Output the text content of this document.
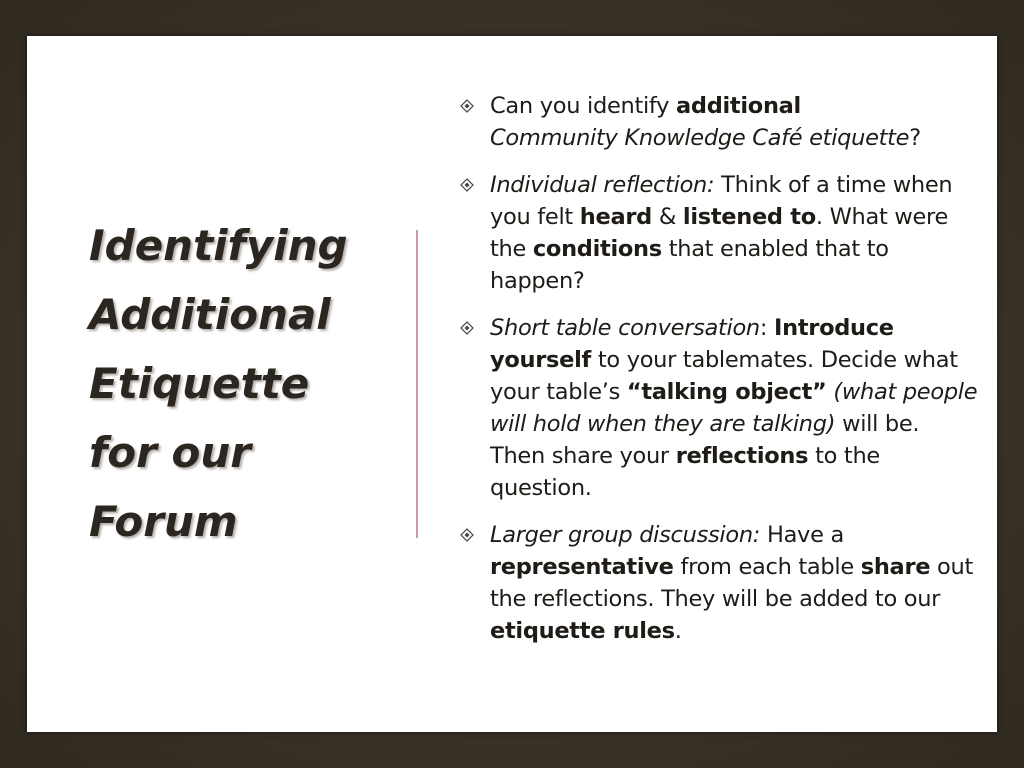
Identifying
Additional
Etiquette
for our
Forum
Can you identify additional
Community Knowledge Café etiquette?
Individual reflection: Think of a time when you felt heard & listened to. What were the conditions that enabled that to happen?
Short table conversation: Introduce yourself to your tablemates. Decide what your table’s “talking object” (what people will hold when they are talking) will be. Then share your reflections to the question.
Larger group discussion: Have a representative from each table share out the reflections. They will be added to our etiquette rules.
